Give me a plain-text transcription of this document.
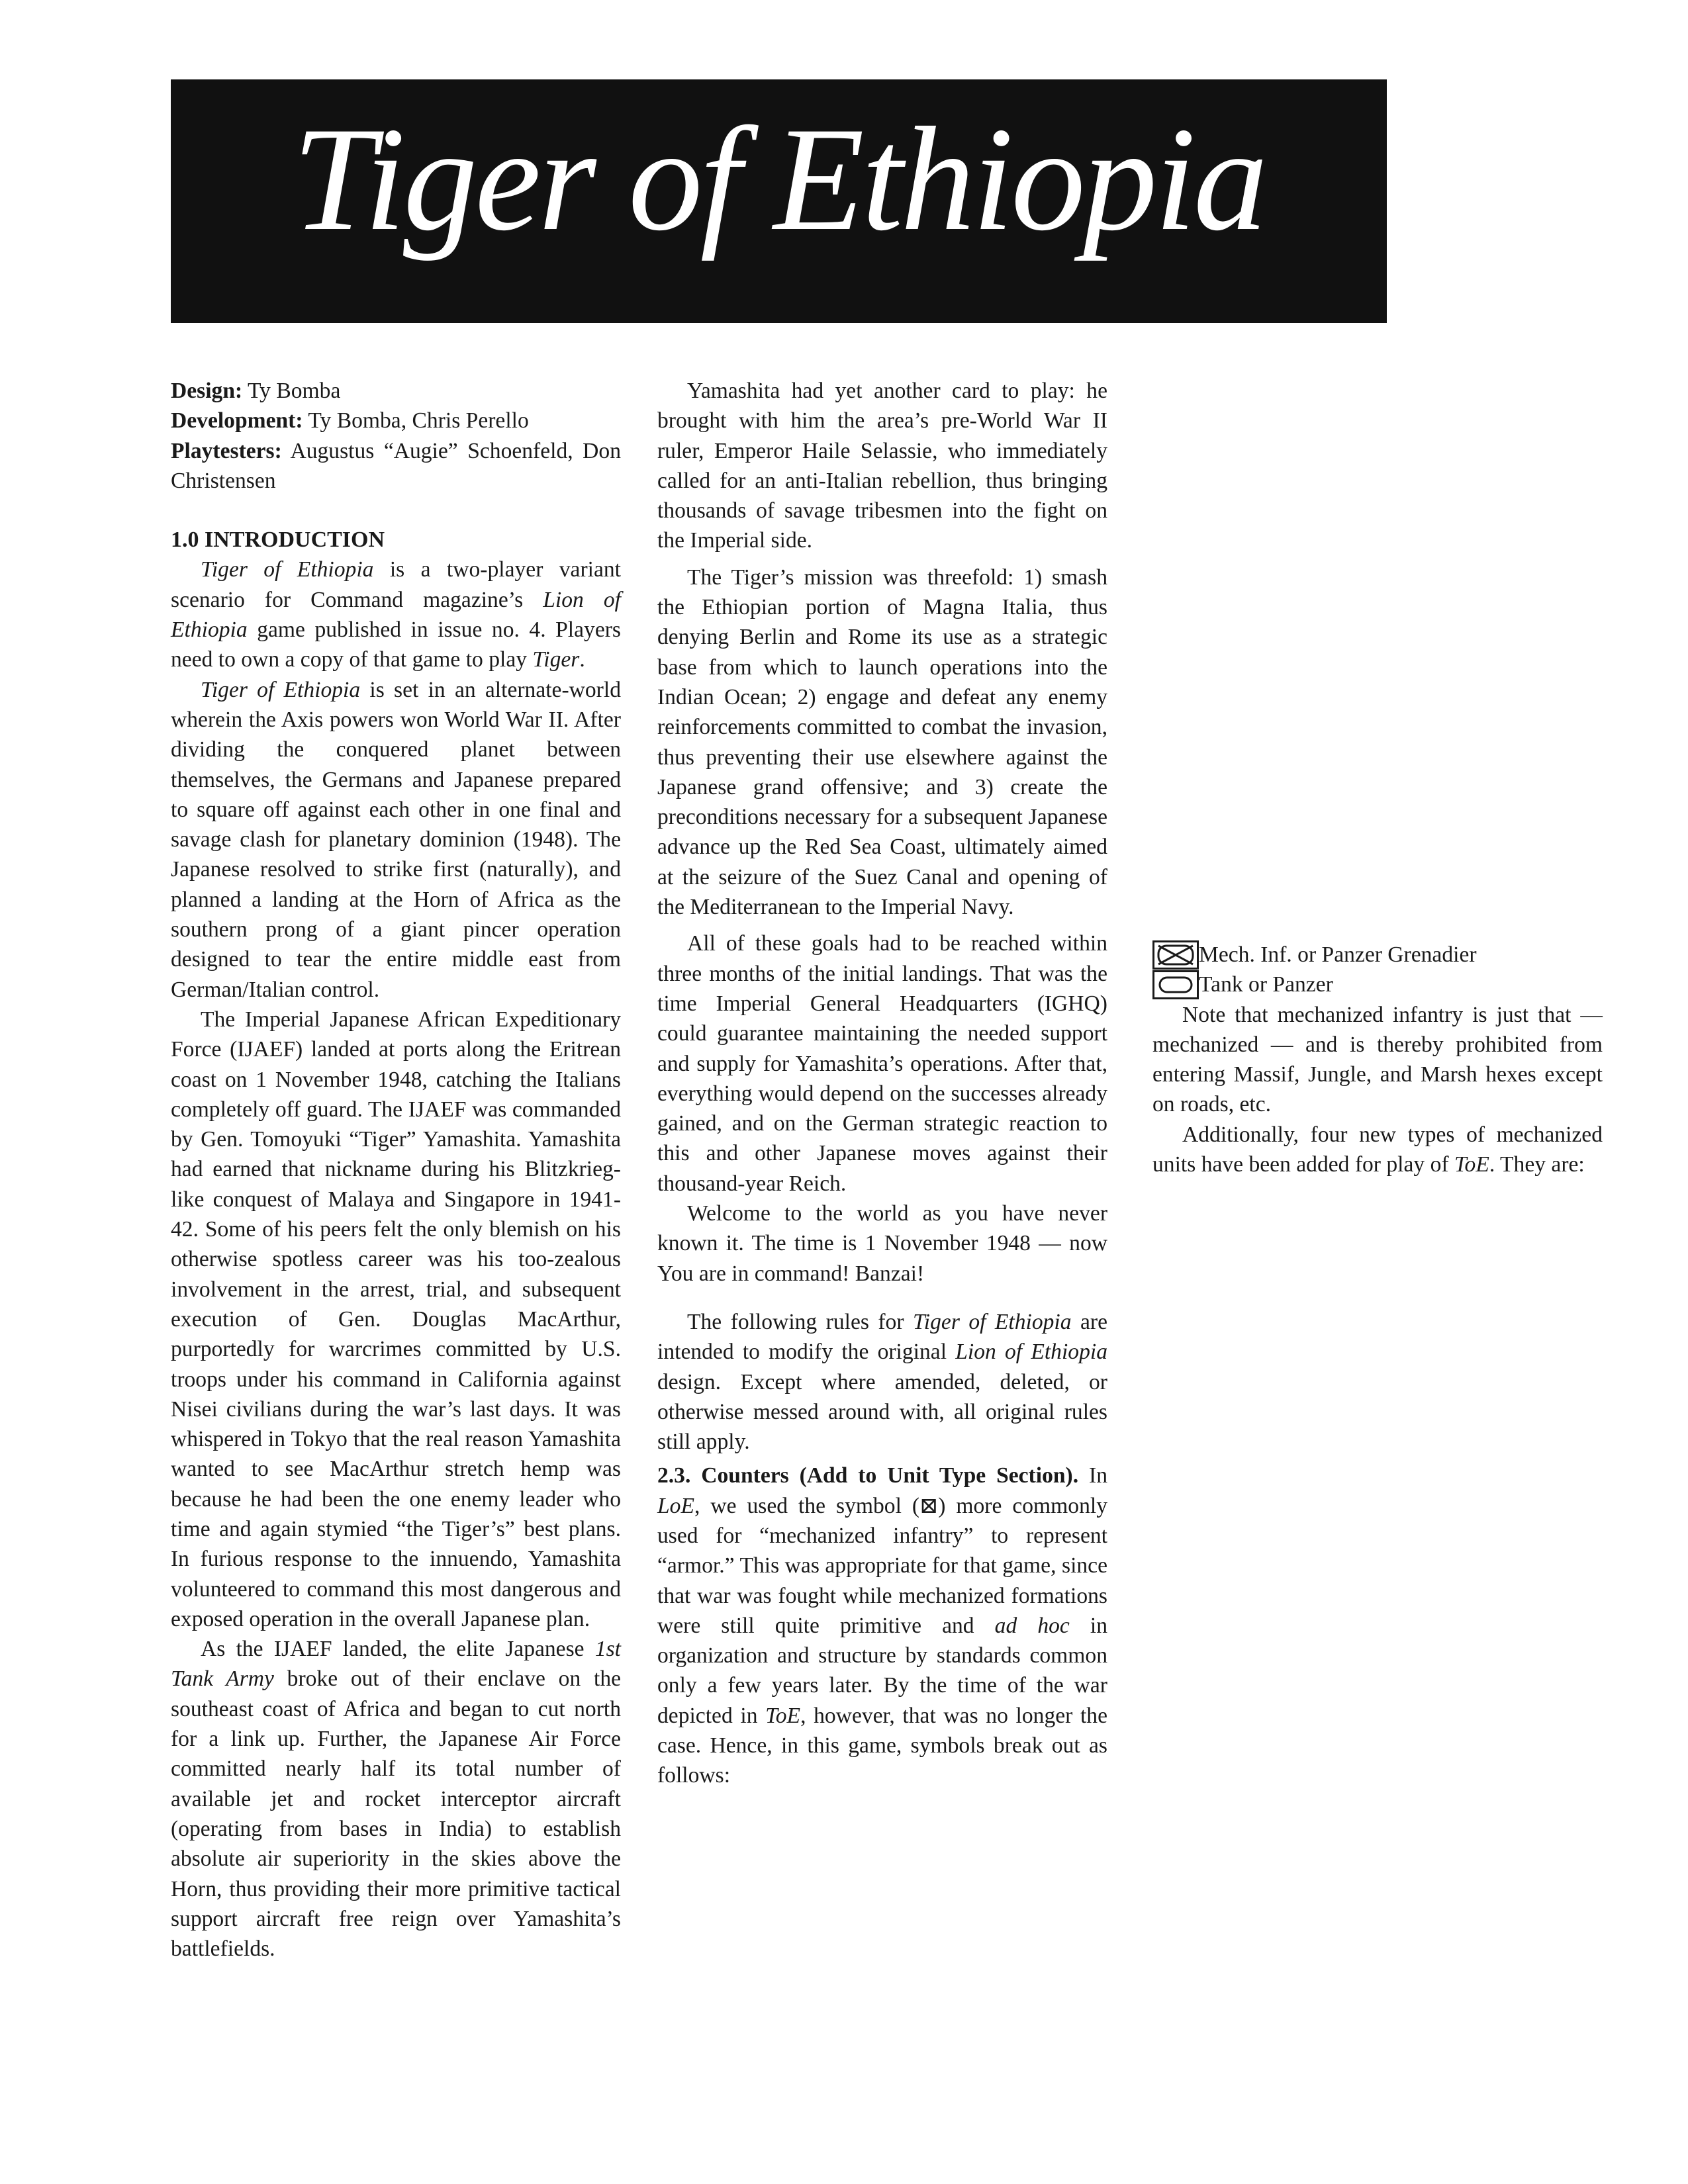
Tiger of Ethiopia

Design: Ty Bomba

Development: Ty Bomba, Chris Perello

Playtesters: Augustus “Augie” Schoenfeld, Don Christensen

1.0 INTRODUCTION

Tiger of Ethiopia is a two-player variant scenario for Command magazine’s Lion of Ethiopia game published in issue no. 4. Players need to own a copy of that game to play Tiger.

Tiger of Ethiopia is set in an alternate-world wherein the Axis powers won World War II. After dividing the conquered planet between themselves, the Germans and Japanese prepared to square off against each other in one final and savage clash for planetary dominion (1948). The Japanese resolved to strike first (naturally), and planned a landing at the Horn of Africa as the southern prong of a giant pincer operation designed to tear the entire middle east from German/Italian control.

The Imperial Japanese African Expeditionary Force (IJAEF) landed at ports along the Eritrean coast on 1 November 1948, catching the Italians completely off guard. The IJAEF was commanded by Gen. Tomoyuki “Tiger” Yamashita. Yamashita had earned that nickname during his Blitzkrieg-like conquest of Malaya and Singapore in 1941-42. Some of his peers felt the only blemish on his otherwise spotless career was his too-zealous involvement in the arrest, trial, and subsequent execution of Gen. Douglas MacArthur, purportedly for warcrimes committed by U.S. troops under his command in California against Nisei civilians during the war’s last days. It was whispered in Tokyo that the real reason Yamashita wanted to see MacArthur stretch hemp was because he had been the one enemy leader who time and again stymied “the Tiger’s” best plans. In furious response to the innuendo, Yamashita volunteered to command this most dangerous and exposed operation in the overall Japanese plan.

As the IJAEF landed, the elite Japanese 1st Tank Army broke out of their enclave on the southeast coast of Africa and began to cut north for a link up. Further, the Japanese Air Force committed nearly half its total number of available jet and rocket interceptor aircraft (operating from bases in India) to establish absolute air superiority in the skies above the Horn, thus providing their more primitive tactical support aircraft free reign over Yamashita’s battlefields.

Yamashita had yet another card to play: he brought with him the area’s pre-World War II ruler, Emperor Haile Selassie, who immediately called for an anti-Italian rebellion, thus bringing thousands of savage tribesmen into the fight on the Imperial side.

The Tiger’s mission was threefold: 1) smash the Ethiopian portion of Magna Italia, thus denying Berlin and Rome its use as a strategic base from which to launch operations into the Indian Ocean; 2) engage and defeat any enemy reinforcements committed to combat the invasion, thus preventing their use elsewhere against the Japanese grand offensive; and 3) create the preconditions necessary for a subsequent Japanese advance up the Red Sea Coast, ultimately aimed at the seizure of the Suez Canal and opening of the Mediterranean to the Imperial Navy.

All of these goals had to be reached within three months of the initial landings. That was the time Imperial General Headquarters (IGHQ) could guarantee maintaining the needed support and supply for Yamashita’s operations. After that, everything would depend on the successes already gained, and on the German strategic reaction to this and other Japanese moves against their thousand-year Reich.

Welcome to the world as you have never known it. The time is 1 November 1948 — now You are in command! Banzai!

The following rules for Tiger of Ethiopia are intended to modify the original Lion of Ethiopia design. Except where amended, deleted, or otherwise messed around with, all original rules still apply.

2.3. Counters (Add to Unit Type Section). In LoE, we used the symbol (⊠) more commonly used for “mechanized infantry” to represent “armor.” This was appropriate for that game, since that war was fought while mechanized formations were still quite primitive and ad hoc in organization and structure by standards common only a few years later. By the time of the war depicted in ToE, however, that was no longer the case. Hence, in this game, symbols break out as follows:

Mech. Inf. or Panzer Grenadier

Tank or Panzer

Note that mechanized infantry is just that — mechanized — and is thereby prohibited from entering Massif, Jungle, and Marsh hexes except on roads, etc.

Additionally, four new types of mechanized units have been added for play of ToE. They are:
